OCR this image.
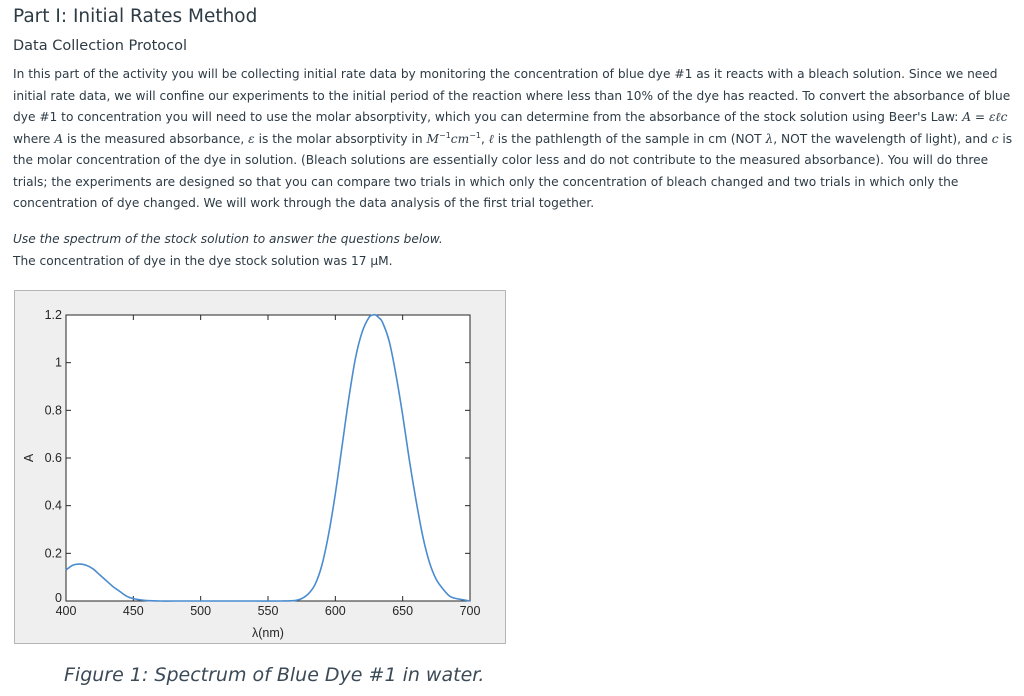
Part I: Initial Rates Method
Data Collection Protocol

In this part of the activity you will be collecting initial rate data by monitoring the concentration of blue dye #1 as it reacts with a bleach solution. Since we need initial rate data, we will confine our experiments to the initial period of the reaction where less than 10% of the dye has reacted. To convert the absorbance of blue dye #1 to concentration you will need to use the molar absorptivity, which you can determine from the absorbance of the stock solution using Beer's Law: A = εℓc where A is the measured absorbance, ε is the molar absorptivity in $M^{-1}cm^{-1}$, ℓ is the pathlength of the sample in cm (NOT λ, NOT the wavelength of light), and c is the molar concentration of the dye in solution. (Bleach solutions are essentially color less and do not contribute to the measured absorbance). You will do three trials; the experiments are designed so that you can compare two trials in which only the concentration of bleach changed and two trials in which only the concentration of dye changed. We will work through the data analysis of the first trial together.

Use the spectrum of the stock solution to answer the questions below.

The concentration of dye in the dye stock solution was 17 µM.

400	450	500	550	600	650	700
0
0.2
0.4
0.6
0.8
1
1.2
λ(nm)
A

Figure 1: Spectrum of Blue Dye #1 in water.
